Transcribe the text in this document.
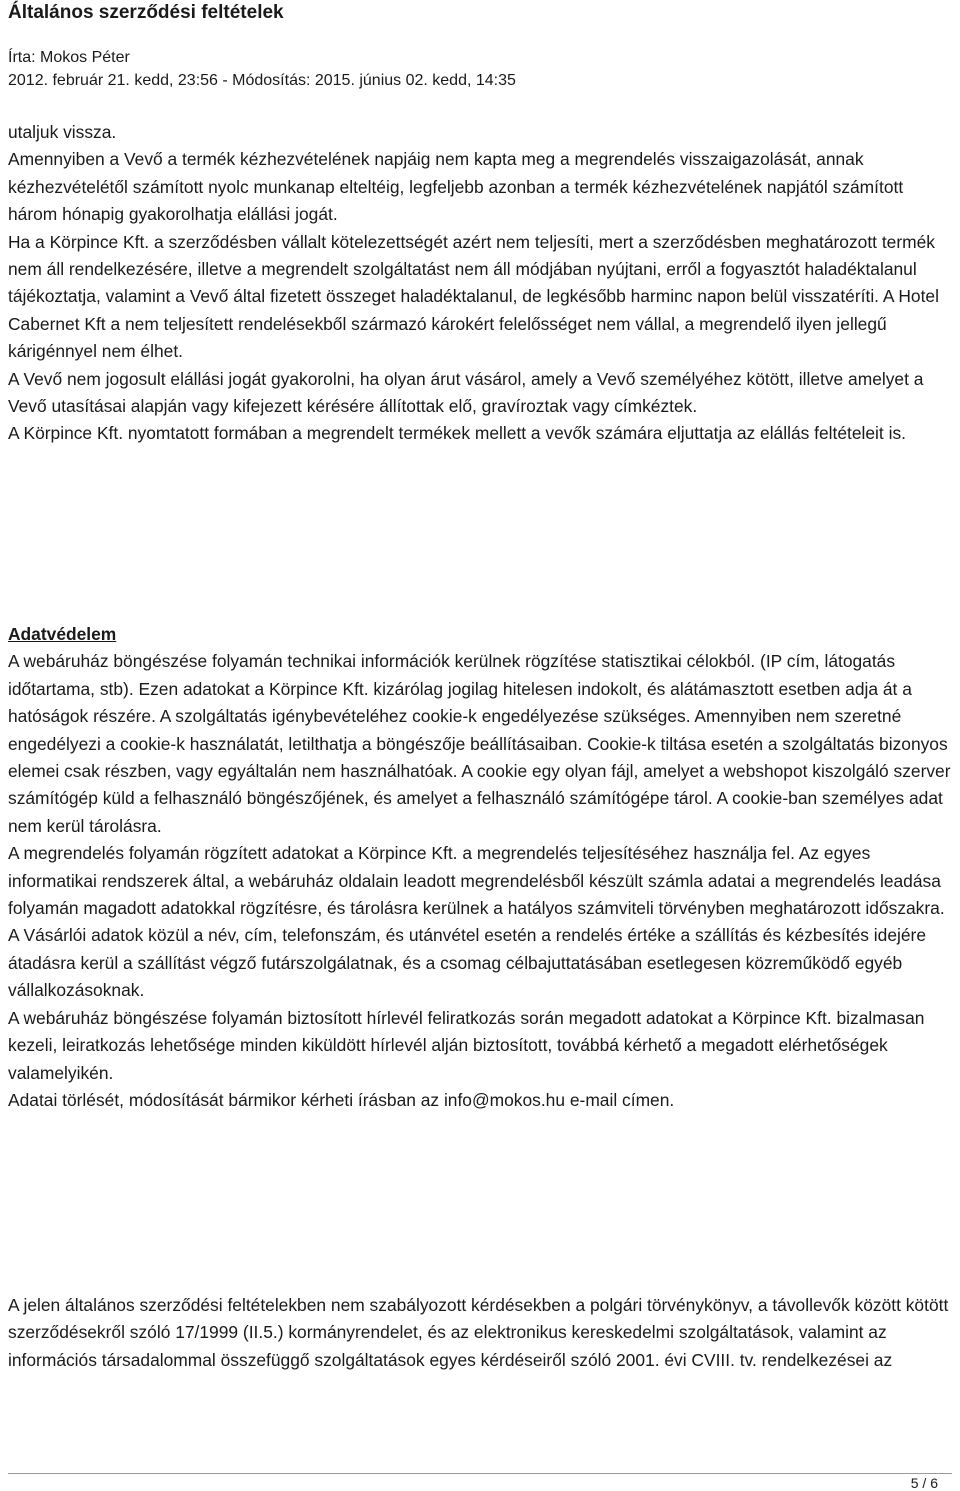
Általános szerződési feltételek
Írta: Mokos Péter
2012. február 21. kedd, 23:56 - Módosítás: 2015. június 02. kedd, 14:35

utaljuk vissza.

Amennyiben a Vevő a termék kézhezvételének napjáig nem kapta meg a megrendelés visszaigazolását, annak kézhezvételétől számított nyolc munkanap elteltéig, legfeljebb azonban a termék kézhezvételének napjától számított három hónapig gyakorolhatja elállási jogát.

Ha a Körpince Kft. a szerződésben vállalt kötelezettségét azért nem teljesíti, mert a szerződésben meghatározott termék nem áll rendelkezésére, illetve a megrendelt szolgáltatást nem áll módjában nyújtani, erről a fogyasztót haladéktalanul tájékoztatja, valamint a Vevő által fizetett összeget haladéktalanul, de legkésőbb harminc napon belül visszatéríti. A Hotel Cabernet Kft a nem teljesített rendelésekből származó károkért felelősséget nem vállal, a megrendelő ilyen jellegű kárigénnyel nem élhet.

A Vevő nem jogosult elállási jogát gyakorolni, ha olyan árut vásárol, amely a Vevő személyéhez kötött, illetve amelyet a Vevő utasításai alapján vagy kifejezett kérésére állítottak elő, gravíroztak vagy címkéztek.

A Körpince Kft. nyomtatott formában a megrendelt termékek mellett a vevők számára eljuttatja az elállás feltételeit is.

Adatvédelem

A webáruház böngészése folyamán technikai információk kerülnek rögzítése statisztikai célokból. (IP cím, látogatás időtartama, stb). Ezen adatokat a Körpince Kft. kizárólag jogilag hitelesen indokolt, és alátámasztott esetben adja át a hatóságok részére. A szolgáltatás igénybevételéhez cookie-k engedélyezése szükséges. Amennyiben nem szeretné engedélyezi a cookie-k használatát, letilthatja a böngészője beállításaiban. Cookie-k tiltása esetén a szolgáltatás bizonyos elemei csak részben, vagy egyáltalán nem használhatóak. A cookie egy olyan fájl, amelyet a webshopot kiszolgáló szerver számítógép küld a felhasználó böngészőjének, és amelyet a felhasználó számítógépe tárol. A cookie-ban személyes adat nem kerül tárolásra.

A megrendelés folyamán rögzített adatokat a Körpince Kft. a megrendelés teljesítéséhez használja fel. Az egyes informatikai rendszerek által, a webáruház oldalain leadott megrendelésből készült számla adatai a megrendelés leadása folyamán magadott adatokkal rögzítésre, és tárolásra kerülnek a hatályos számviteli törvényben meghatározott időszakra. A Vásárlói adatok közül a név, cím, telefonszám, és utánvétel esetén a rendelés értéke a szállítás és kézbesítés idejére átadásra kerül a szállítást végző futárszolgálatnak, és a csomag célbajuttatásában esetlegesen közreműködő egyéb vállalkozásoknak.

A webáruház böngészése folyamán biztosított hírlevél feliratkozás során megadott adatokat a Körpince Kft. bizalmasan kezeli, leiratkozás lehetősége minden kiküldött hírlevél alján biztosított, továbbá kérhető a megadott elérhetőségek valamelyikén.

Adatai törlését, módosítását bármikor kérheti írásban az info@mokos.hu e-mail címen.

A jelen általános szerződési feltételekben nem szabályozott kérdésekben a polgári törvénykönyv, a távollevők között kötött szerződésekről szóló 17/1999 (II.5.) kormányrendelet, és az elektronikus kereskedelmi szolgáltatások, valamint az információs társadalommal összefüggő szolgáltatások egyes kérdéseiről szóló 2001. évi CVIII. tv. rendelkezései az

5 / 6
